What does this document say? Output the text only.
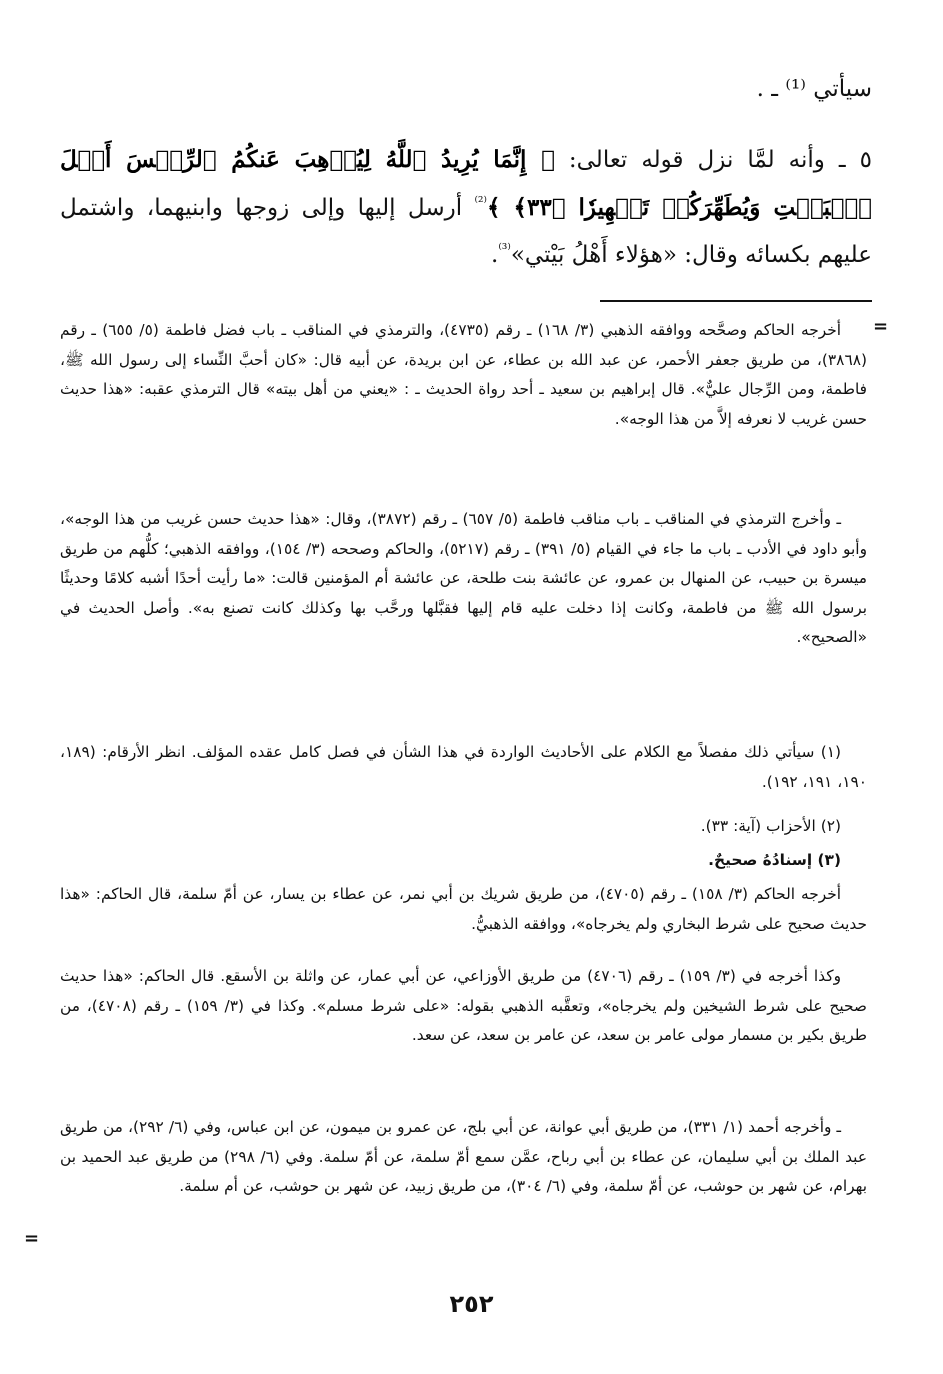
سيأتي ⁽¹⁾ ـ .
٥ ـ وأنه لمَّا نزل قوله تعالى: ﴿ إِنَّمَا يُرِيدُ ٱللَّهُ لِيُذۡهِبَ عَنكُمُ ٱلرِّجۡسَ أَهۡلَ ٱلۡبَيۡتِ وَيُطَهِّرَكُمۡ تَطۡهِيرٗا ﴿٣٣﴾ ﴾$^{^{(2)}}$ أرسل إليها وإلى زوجها وابنيهما، واشتمل عليهم بكسائه وقال: «هؤلاء أَهْلُ بَيْتي»$^{^{(3)}}$.
=
أخرجه الحاكم وصحَّحه ووافقه الذهبي (٣/ ١٦٨) ـ رقم (٤٧٣٥)، والترمذي في المناقب ـ باب فضل فاطمة (٥/ ٦٥٥) ـ رقم (٣٨٦٨)، من طريق جعفر الأحمر، عن عبد الله بن عطاء، عن ابن بريدة، عن أبيه قال: «كان أحبَّ النِّساء إلى رسول الله ﷺ، فاطمة، ومن الرِّجال عليٌّ». قال إبراهيم بن سعيد ـ أحد رواة الحديث ـ : «يعني من أهل بيته» قال الترمذي عقبه: «هذا حديث حسن غريب لا نعرفه إلاَّ من هذا الوجه».
ـ وأخرج الترمذي في المناقب ـ باب مناقب فاطمة (٥/ ٦٥٧) ـ رقم (٣٨٧٢)، وقال: «هذا حديث حسن غريب من هذا الوجه»، وأبو داود في الأدب ـ باب ما جاء في القيام (٥/ ٣٩١) ـ رقم (٥٢١٧)، والحاكم وصححه (٣/ ١٥٤)، ووافقه الذهبي؛ كلُّهم من طريق ميسرة بن حبيب، عن المنهال بن عمرو، عن عائشة بنت طلحة، عن عائشة أم المؤمنين قالت: «ما رأيت أحدًا أشبه كلامًا وحديثًا برسول الله ﷺ من فاطمة، وكانت إذا دخلت عليه قام إليها فقبَّلها ورحَّب بها وكذلك كانت تصنع به». وأصل الحديث في «الصحيح».
(١) سيأتي ذلك مفصلاً مع الكلام على الأحاديث الواردة في هذا الشأن في فصل كامل عقده المؤلف. انظر الأرقام: (١٨٩، ١٩٠، ١٩١، ١٩٢).
(٢) الأحزاب (آية: ٣٣).
(٣) إسنادُهُ صحيحٌ.
أخرجه الحاكم (٣/ ١٥٨) ـ رقم (٤٧٠٥)، من طريق شريك بن أبي نمر، عن عطاء بن يسار، عن أمّ سلمة، قال الحاكم: «هذا حديث صحيح على شرط البخاري ولم يخرجاه»، ووافقه الذهبيُّ.
وكذا أخرجه في (٣/ ١٥٩) ـ رقم (٤٧٠٦) من طريق الأوزاعي، عن أبي عمار، عن واثلة بن الأسقع. قال الحاكم: «هذا حديث صحيح على شرط الشيخين ولم يخرجاه»، وتعقَّبه الذهبي بقوله: «على شرط مسلم». وكذا في (٣/ ١٥٩) ـ رقم (٤٧٠٨)، من طريق بكير بن مسمار مولى عامر بن سعد، عن عامر بن سعد، عن سعد.
ـ وأخرجه أحمد (١/ ٣٣١)، من طريق أبي عوانة، عن أبي بلج، عن عمرو بن ميمون، عن ابن عباس، وفي (٦/ ٢٩٢)، من طريق عبد الملك بن أبي سليمان، عن عطاء بن أبي رباح، عمَّن سمع أمّ سلمة، عن أمّ سلمة. وفي (٦/ ٢٩٨) من طريق عبد الحميد بن بهرام، عن شهر بن حوشب، عن أمّ سلمة، وفي (٦/ ٣٠٤)، من طريق زبيد، عن شهر بن حوشب، عن أم سلمة.
=
٢٥٢
